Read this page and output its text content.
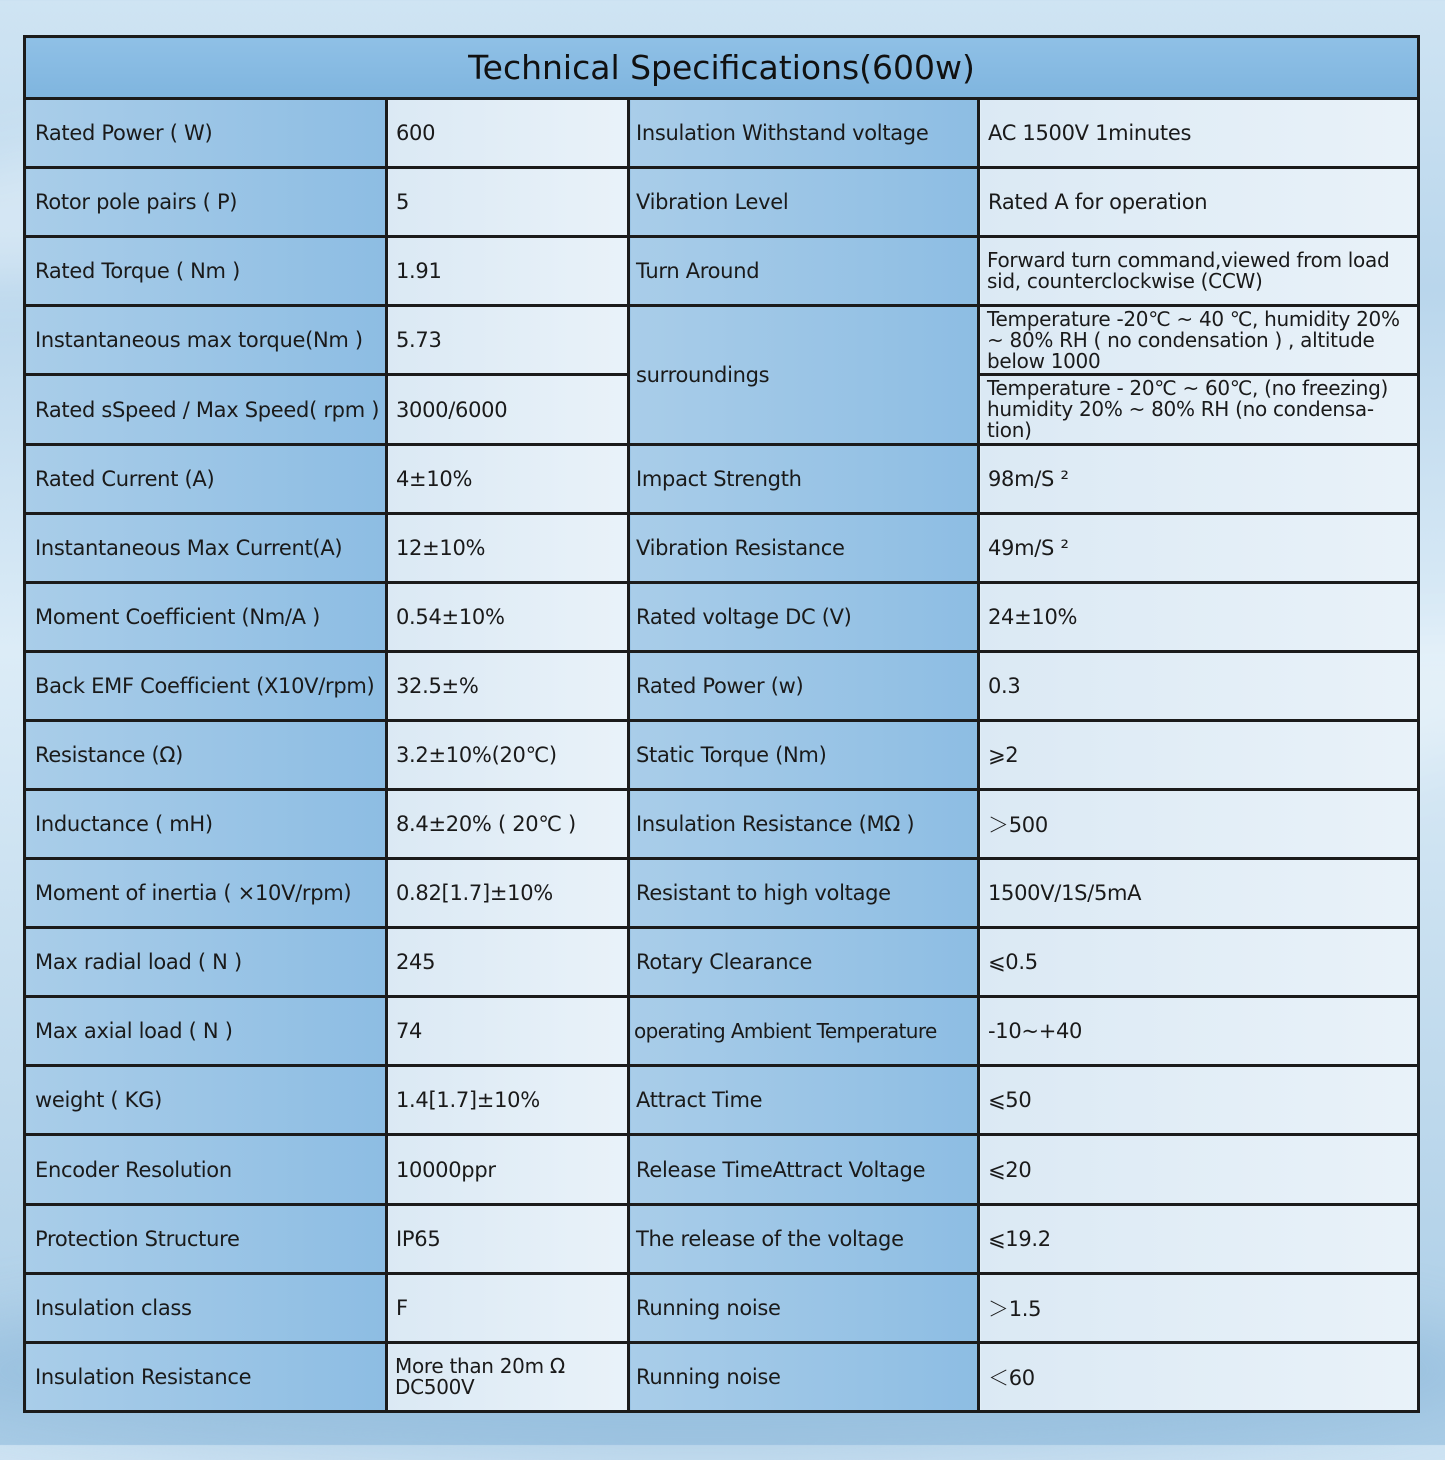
Technical Specifications(600w)			
Rated Power ( W)	600	Insulation Withstand voltage	AC 1500V 1minutes
Rotor pole pairs ( P)	5	Vibration Level	Rated A for operation
Rated Torque ( Nm )	1.91	Turn Around	Forward turn command,viewed from load sid, counterclockwise (CCW)
Instantaneous max torque(Nm )	5.73	surroundings	Temperature -20℃ ~ 40 ℃, humidity 20% ~ 80% RH ( no condensation ) , altitude below 1000
Rated sSpeed / Max Speed( rpm )	3000/6000		Temperature - 20℃ ~ 60℃, (no freezing) humidity 20% ~ 80% RH (no condensa-tion)
Rated Current (A)	4±10%	Impact Strength	98m/S ²
Instantaneous Max Current(A)	12±10%	Vibration Resistance	49m/S ²
Moment Coefficient (Nm/A )	0.54±10%	Rated voltage DC (V)	24±10%
Back EMF Coefficient (X10V/rpm)	32.5±%	Rated Power (w)	0.3
Resistance (Ω)	3.2±10%(20℃)	Static Torque (Nm)	⩾2
Inductance ( mH)	8.4±20% ( 20℃ )	Insulation Resistance (MΩ )	＞500
Moment of inertia ( ×10V/rpm)	0.82[1.7]±10%	Resistant to high voltage	1500V/1S/5mA
Max radial load ( N )	245	Rotary Clearance	⩽0.5
Max axial load ( N )	74	operating Ambient Temperature	-10~+40
weight ( KG)	1.4[1.7]±10%	Attract Time	⩽50
Encoder Resolution	10000ppr	Release TimeAttract Voltage	⩽20
Protection Structure	IP65	The release of the voltage	⩽19.2
Insulation class	F	Running noise	＞1.5
Insulation Resistance	More than 20m Ω DC500V	Running noise	＜60
